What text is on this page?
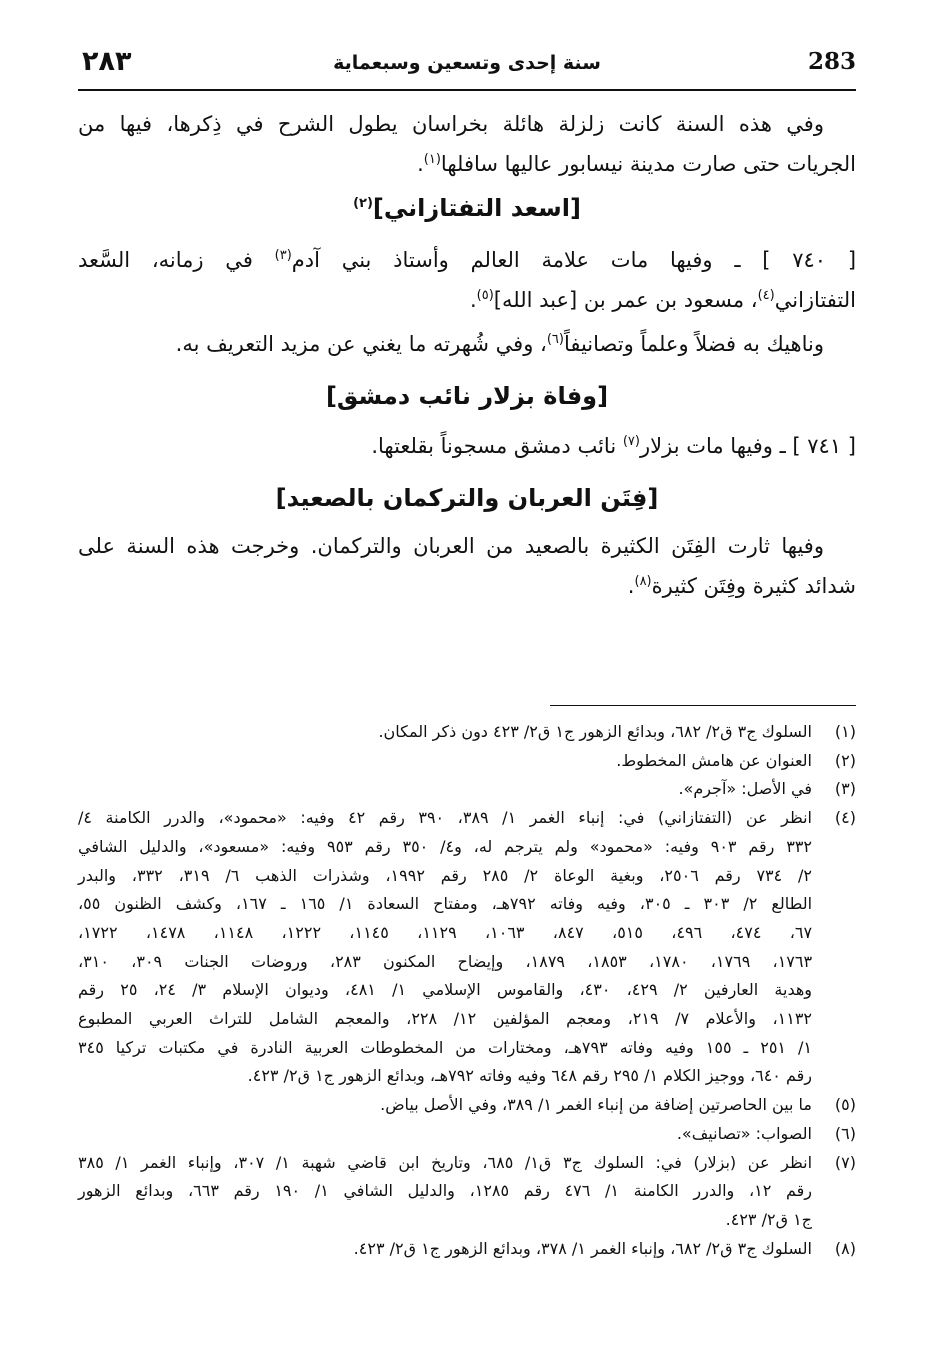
٢٨٣	سنة إحدى وتسعين وسبعماية	283
وفي هذه السنة كانت زلزلة هائلة بخراسان يطول الشرح في ذِكرها، فيها من
الجريات حتى صارت مدينة نيسابور عاليها سافلها$^{(١)}$.
[اسعد التفتازاني]$^{(٢)}$
[ ٧٤٠ ] ـ وفيها مات علامة العالم وأستاذ بني آدم$^{(٣)}$ في زمانه، السَّعد
التفتازاني$^{(٤)}$، مسعود بن عمر بن [عبد الله]$^{(٥)}$.
وناهيك به فضلاً وعلماً وتصانيفاً$^{(٦)}$، وفي شُهرته ما يغني عن مزيد التعريف به.
[وفاة بزلار نائب دمشق]
[ ٧٤١ ] ـ وفيها مات بزلار$^{(٧)}$ نائب دمشق مسجوناً بقلعتها.
[فِتَن العربان والتركمان بالصعيد]
وفيها ثارت الفِتَن الكثيرة بالصعيد من العربان والتركمان. وخرجت هذه السنة على
شدائد كثيرة وفِتَن كثيرة$^{(٨)}$.
(١)
السلوك ج٣ ق٢/ ٦٨٢، وبدائع الزهور ج١ ق٢/ ٤٢٣ دون ذكر المكان.
(٢)
العنوان عن هامش المخطوط.
(٣)
في الأصل: «آجرم».
(٤)
انظر عن (التفتازاني) في: إنباء الغمر ١/ ٣٨٩، ٣٩٠ رقم ٤٢ وفيه: «محمود»، والدرر الكامنة ٤/
٣٣٢ رقم ٩٠٣ وفيه: «محمود» ولم يترجم له، و٤/ ٣٥٠ رقم ٩٥٣ وفيه: «مسعود»، والدليل الشافي
٢/ ٧٣٤ رقم ٢٥٠٦، وبغية الوعاة ٢/ ٢٨٥ رقم ١٩٩٢، وشذرات الذهب ٦/ ٣١٩، ٣٣٢، والبدر
الطالع ٢/ ٣٠٣ ـ ٣٠٥، وفيه وفاته ٧٩٢هـ، ومفتاح السعادة ١/ ١٦٥ ـ ١٦٧، وكشف الظنون ٥٥،
٦٧، ٤٧٤، ٤٩٦، ٥١٥، ٨٤٧، ١٠٦٣، ١١٢٩، ١١٤٥، ١٢٢٢، ١١٤٨، ١٤٧٨، ١٧٢٢،
١٧٦٣، ١٧٦٩، ١٧٨٠، ١٨٥٣، ١٨٧٩، وإيضاح المكنون ٢٨٣، وروضات الجنات ٣٠٩، ٣١٠،
وهدية العارفين ٢/ ٤٢٩، ٤٣٠، والقاموس الإسلامي ١/ ٤٨١، وديوان الإسلام ٣/ ٢٤، ٢٥ رقم
١١٣٢، والأعلام ٧/ ٢١٩، ومعجم المؤلفين ١٢/ ٢٢٨، والمعجم الشامل للتراث العربي المطبوع
١/ ٢٥١ ـ ١٥٥ وفيه وفاته ٧٩٣هـ، ومختارات من المخطوطات العربية النادرة في مكتبات تركيا ٣٤٥
رقم ٦٤٠، ووجيز الكلام ١/ ٢٩٥ رقم ٦٤٨ وفيه وفاته ٧٩٢هـ، وبدائع الزهور ج١ ق٢/ ٤٢٣.
(٥)
ما بين الحاصرتين إضافة من إنباء الغمر ١/ ٣٨٩، وفي الأصل بياض.
(٦)
الصواب: «تصانيف».
(٧)
انظر عن (بزلار) في: السلوك ج٣ ق١/ ٦٨٥، وتاريخ ابن قاضي شهبة ١/ ٣٠٧، وإنباء الغمر ١/ ٣٨٥
رقم ١٢، والدرر الكامنة ١/ ٤٧٦ رقم ١٢٨٥، والدليل الشافي ١/ ١٩٠ رقم ٦٦٣، وبدائع الزهور
ج١ ق٢/ ٤٢٣.
(٨)
السلوك ج٣ ق٢/ ٦٨٢، وإنباء الغمر ١/ ٣٧٨، وبدائع الزهور ج١ ق٢/ ٤٢٣.
